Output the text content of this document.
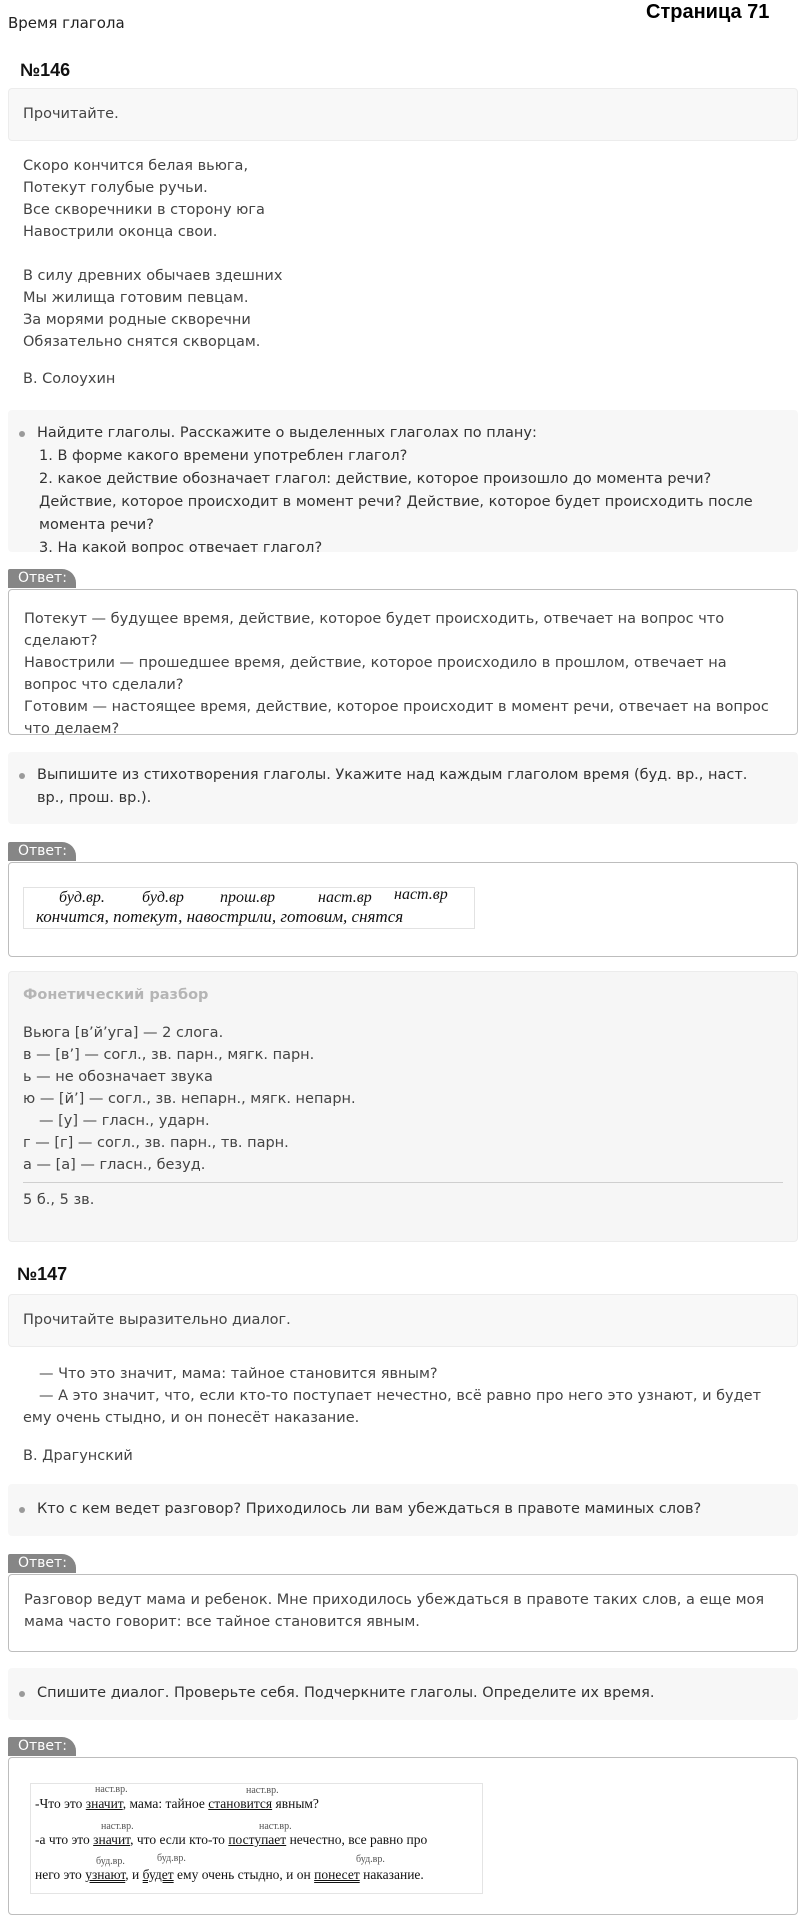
Время глагола	Страница 71
№146
Прочитайте.
Скоро кончится белая вьюга,
Потекут голубые ручьи.
Все скворечники в сторону юга
Навострили оконца свои.
В силу древних обычаев здешних
Мы жилища готовим певцам.
За морями родные скворечни
Обязательно снятся скворцам.
В. Солоухин
Найдите глаголы. Расскажите о выделенных глаголах по плану:
1. В форме какого времени употреблен глагол?
2. какое действие обозначает глагол: действие, которое произошло до момента речи? Действие, которое происходит в момент речи? Действие, которое будет происходить после момента речи?
3. На какой вопрос отвечает глагол?
Ответ:
Потекут — будущее время, действие, которое будет происходить, отвечает на вопрос что сделают?
Навострили — прошедшее время, действие, которое происходило в прошлом, отвечает на вопрос что сделали?
Готовим — настоящее время, действие, которое происходит в момент речи, отвечает на вопрос что делаем?
Выпишите из стихотворения глаголы. Укажите над каждым глаголом время (буд. вр., наст. вр., прош. вр.).
Ответ:
буд.вр. буд.вр прош.вр	наст.вр наст.вр
кончится, потекут, навострили, готовим, снятся
Фонетический разбор
Вьюга [в’й’уга] — 2 слога.
в — [в’] — согл., зв. парн., мягк. парн.
ь — не обозначает звука
ю — [й’] — согл., зв. непарн., мягк. непарн.
— [у] — гласн., ударн.
г — [г] — согл., зв. парн., тв. парн.
а — [а] — гласн., безуд.
5 б., 5 зв.
№147
Прочитайте выразительно диалог.
— Что это значит, мама: тайное становится явным?
— А это значит, что, если кто-то поступает нечестно, всё равно про него это узнают, и будет ему очень стыдно, и он понесёт наказание.
В. Драгунский
Кто с кем ведет разговор? Приходилось ли вам убеждаться в правоте маминых слов?
Ответ:
Разговор ведут мама и ребенок. Мне приходилось убеждаться в правоте таких слов, а еще моя мама часто говорит: все тайное становится явным.
Спишите диалог. Проверьте себя. Подчеркните глаголы. Определите их время.
Ответ:
наст.вр.	наст.вр.
-Что это значит, мама: тайное становится явным?
наст.вр.	наст.вр.
-а что это значит, что если кто-то поступает нечестно, все равно про
буд.вр.	буд.вр.	буд.вр.
него это узнают, и будет ему очень стыдно, и он понесет наказание.
